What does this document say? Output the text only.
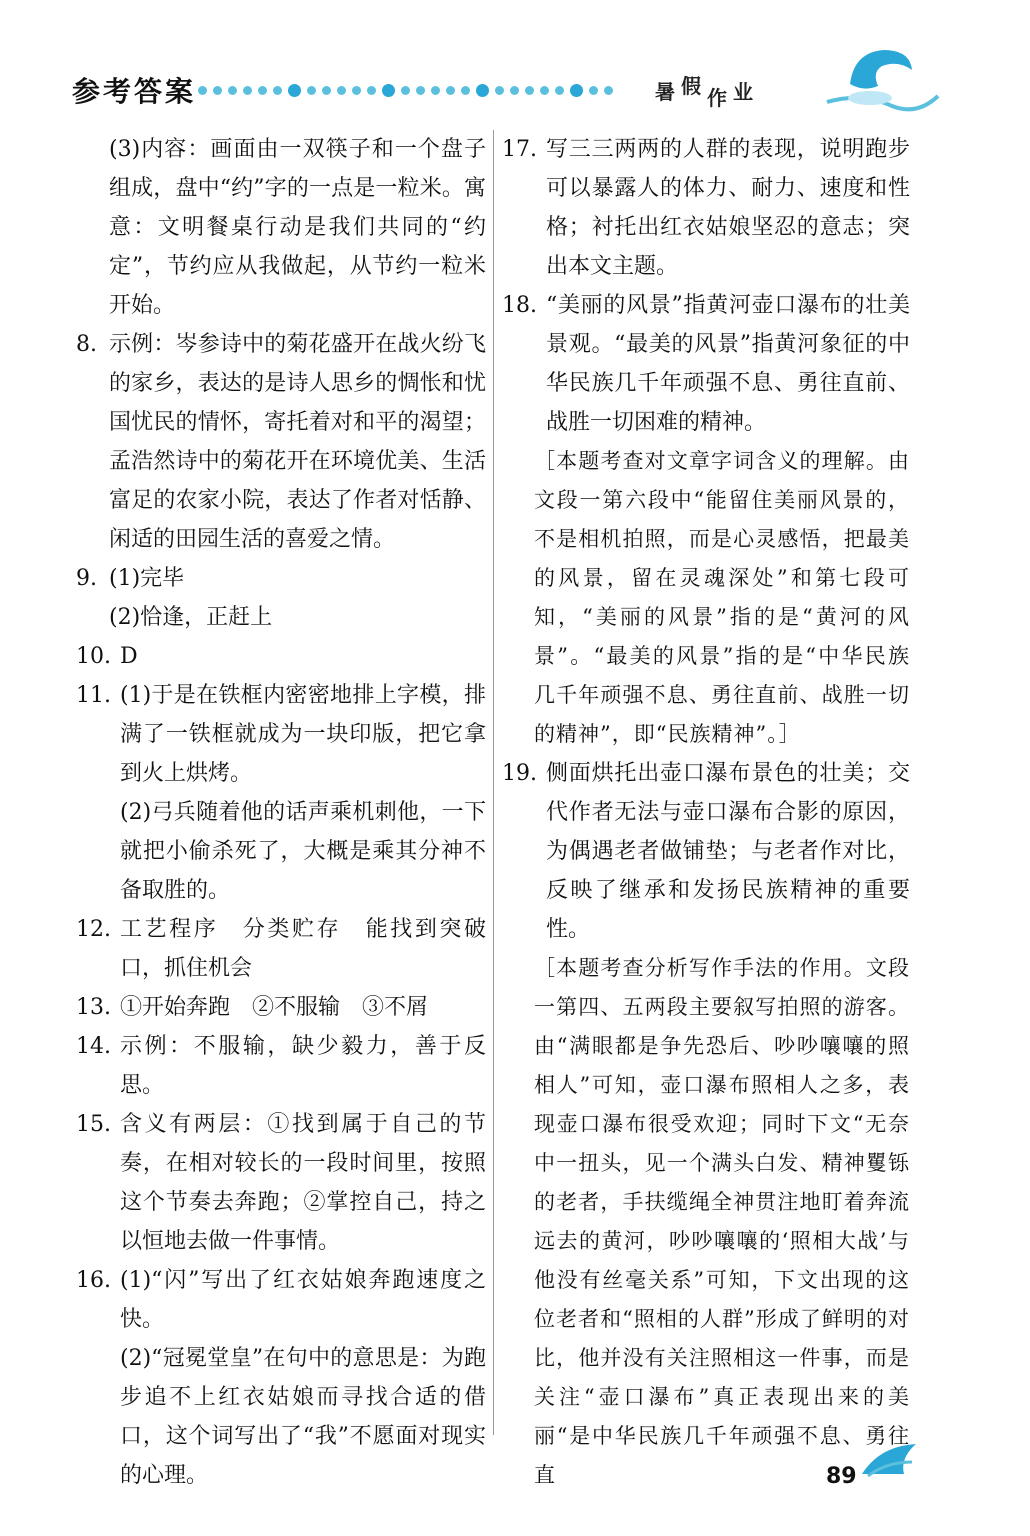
参考答案	暑 假 作 业
(3)内容：画面由一双筷子和一个盘子组成，盘中“约”字的一点是一粒米。寓意：文明餐桌行动是我们共同的“约定”，节约应从我做起，从节约一粒米开始。
8. 示例：岑参诗中的菊花盛开在战火纷飞的家乡，表达的是诗人思乡的惆怅和忧国忧民的情怀，寄托着对和平的渴望；孟浩然诗中的菊花开在环境优美、生活富足的农家小院，表达了作者对恬静、闲适的田园生活的喜爱之情。
9. (1)完毕
(2)恰逢，正赶上
10. D
11. (1)于是在铁框内密密地排上字模，排满了一铁框就成为一块印版，把它拿到火上烘烤。
(2)弓兵随着他的话声乘机刺他，一下就把小偷杀死了，大概是乘其分神不备取胜的。
12. 工艺程序　分类贮存　能找到突破口，抓住机会
13. ①开始奔跑　②不服输　③不屑
14. 示例：不服输，缺少毅力，善于反思。
15. 含义有两层：①找到属于自己的节奏，在相对较长的一段时间里，按照这个节奏去奔跑；②掌控自己，持之以恒地去做一件事情。
16. (1)“闪”写出了红衣姑娘奔跑速度之快。
(2)“冠冕堂皇”在句中的意思是：为跑步追不上红衣姑娘而寻找合适的借口，这个词写出了“我”不愿面对现实的心理。
17. 写三三两两的人群的表现，说明跑步可以暴露人的体力、耐力、速度和性格；衬托出红衣姑娘坚忍的意志；突出本文主题。
18. “美丽的风景”指黄河壶口瀑布的壮美景观。“最美的风景”指黄河象征的中华民族几千年顽强不息、勇往直前、战胜一切困难的精神。
［本题考查对文章字词含义的理解。由文段一第六段中“能留住美丽风景的，不是相机拍照，而是心灵感悟，把最美的风景，留在灵魂深处”和第七段可知，“美丽的风景”指的是“黄河的风景”。“最美的风景”指的是“中华民族几千年顽强不息、勇往直前、战胜一切的精神”，即“民族精神”。］
19. 侧面烘托出壶口瀑布景色的壮美；交代作者无法与壶口瀑布合影的原因，为偶遇老者做铺垫；与老者作对比，反映了继承和发扬民族精神的重要性。
［本题考查分析写作手法的作用。文段一第四、五两段主要叙写拍照的游客。由“满眼都是争先恐后、吵吵嚷嚷的照相人”可知，壶口瀑布照相人之多，表现壶口瀑布很受欢迎；同时下文“无奈中一扭头，见一个满头白发、精神矍铄的老者，手扶缆绳全神贯注地盯着奔流远去的黄河，吵吵嚷嚷的‘照相大战’与他没有丝毫关系”可知，下文出现的这位老者和“照相的人群”形成了鲜明的对比，他并没有关注照相这一件事，而是关注“壶口瀑布”真正表现出来的美丽“是中华民族几千年顽强不息、勇往直	89
